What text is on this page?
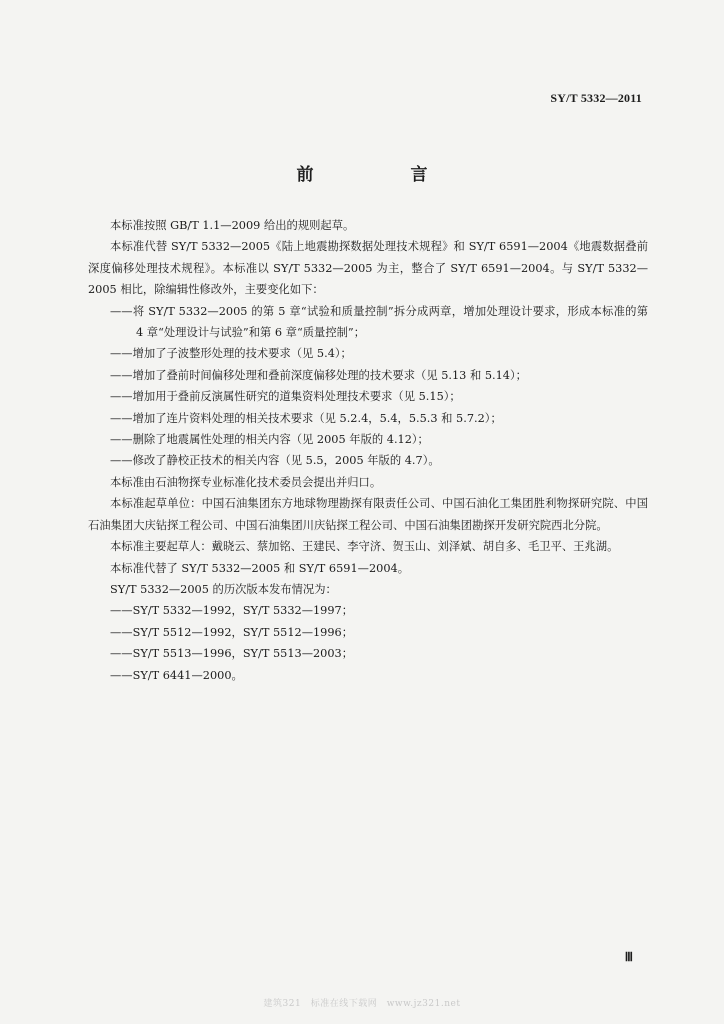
SY/T 5332—2011
前　言

本标准按照 GB/T 1.1—2009 给出的规则起草。

本标准代替 SY/T 5332—2005《陆上地震勘探数据处理技术规程》和 SY/T 6591—2004《地震数据叠前深度偏移处理技术规程》。本标准以 SY/T 5332—2005 为主，整合了 SY/T 6591—2004。与 SY/T 5332—2005 相比，除编辑性修改外，主要变化如下：

——将 SY/T 5332—2005 的第 5 章“试验和质量控制”拆分成两章，增加处理设计要求，形成本标准的第 4 章“处理设计与试验”和第 6 章“质量控制”；

——增加了子波整形处理的技术要求（见 5.4）；

——增加了叠前时间偏移处理和叠前深度偏移处理的技术要求（见 5.13 和 5.14）；

——增加用于叠前反演属性研究的道集资料处理技术要求（见 5.15）；

——增加了连片资料处理的相关技术要求（见 5.2.4，5.4，5.5.3 和 5.7.2）；

——删除了地震属性处理的相关内容（见 2005 年版的 4.12）；

——修改了静校正技术的相关内容（见 5.5，2005 年版的 4.7）。

本标准由石油物探专业标准化技术委员会提出并归口。

本标准起草单位：中国石油集团东方地球物理勘探有限责任公司、中国石油化工集团胜利物探研究院、中国石油集团大庆钻探工程公司、中国石油集团川庆钻探工程公司、中国石油集团勘探开发研究院西北分院。

本标准主要起草人：戴晓云、蔡加铭、王建民、李守济、贺玉山、刘泽斌、胡自多、毛卫平、王兆湖。

本标准代替了 SY/T 5332—2005 和 SY/T 6591—2004。

SY/T 5332—2005 的历次版本发布情况为：

——SY/T 5332—1992，SY/T 5332—1997；

——SY/T 5512—1992，SY/T 5512—1996；

——SY/T 5513—1996，SY/T 5513—2003；

——SY/T 6441—2000。

Ⅲ
建筑321　标准在线下载网　www.jz321.net
